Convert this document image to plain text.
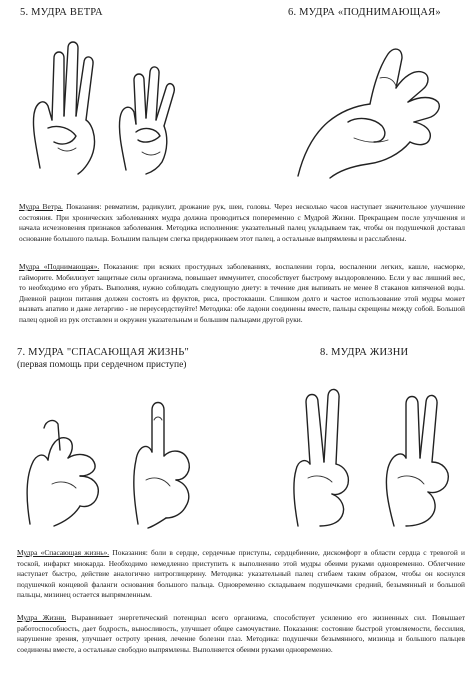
5. МУДРА ВЕТРА	6. МУДРА «ПОДНИМАЮЩАЯ»

Мудра Ветра. Показания: ревматизм, радикулит, дрожание рук, шеи, головы. Через несколько часов наступает значительное улучшение состояния. При хронических заболеваниях мудра должна проводиться попеременно с Мудрой Жизни. Прекращаем после улучшения и начала исчезновения признаков заболевания. Методика исполнения: указательный палец укладываем так, чтобы он подушечкой доставал основание большого пальца. Большим пальцем слегка придерживаем этот палец, а остальные выпрямлены и расслаблены.

Мудра «Поднимающая». Показания: при всяких простудных заболеваниях, воспалении горла, воспалении легких, кашле, насморке, гайморите. Мобилизует защитные силы организма, повышает иммунитет, способствует быстрому выздоровлению. Если у вас лишний вес, то необходимо его убрать. Выполняя, нужно соблюдать следующую диету: в течение дня выпивать не менее 8 стаканов кипяченой воды. Дневной рацион питания должен состоять из фруктов, риса, простокваши. Слишком долго и частое использование этой мудры может вызвать апатию и даже летаргию - не переусердствуйте! Методика: обе ладони соединены вместе, пальцы скрещены между собой. Большой палец одной из рук отставлен и окружен указательным и большим пальцами другой руки.

7. МУДРА "СПАСАЮЩАЯ ЖИЗНЬ"
(первая помощь при сердечном приступе)
8. МУДРА ЖИЗНИ

Мудра «Спасающая жизнь». Показания: боли в сердце, сердечные приступы, сердцебиение, дискомфорт в области сердца с тревогой и тоской, инфаркт миокарда. Необходимо немедленно приступить к выполнению этой мудры обеими руками одновременно. Облегчение наступает быстро, действие аналогично нитроглицерину. Методика: указательный палец сгибаем таким образом, чтобы он коснулся подушечкой концевой фаланги основания большого пальца. Одновременно складываем подушечками средний, безымянный и большой пальцы, мизинец остается выпрямленным.

Мудра Жизни. Выравнивает энергетический потенциал всего организма, способствует усилению его жизненных сил. Повышает работоспособность, дает бодрость, выносливость, улучшает общее самочувствие. Показания: состояние быстрой утомляемости, бессилия, нарушение зрения, улучшает остроту зрения, лечение болезни глаз. Методика: подушечки безымянного, мизинца и большого пальцев соединены вместе, а остальные свободно выпрямлены. Выполняется обеими руками одновременно.
